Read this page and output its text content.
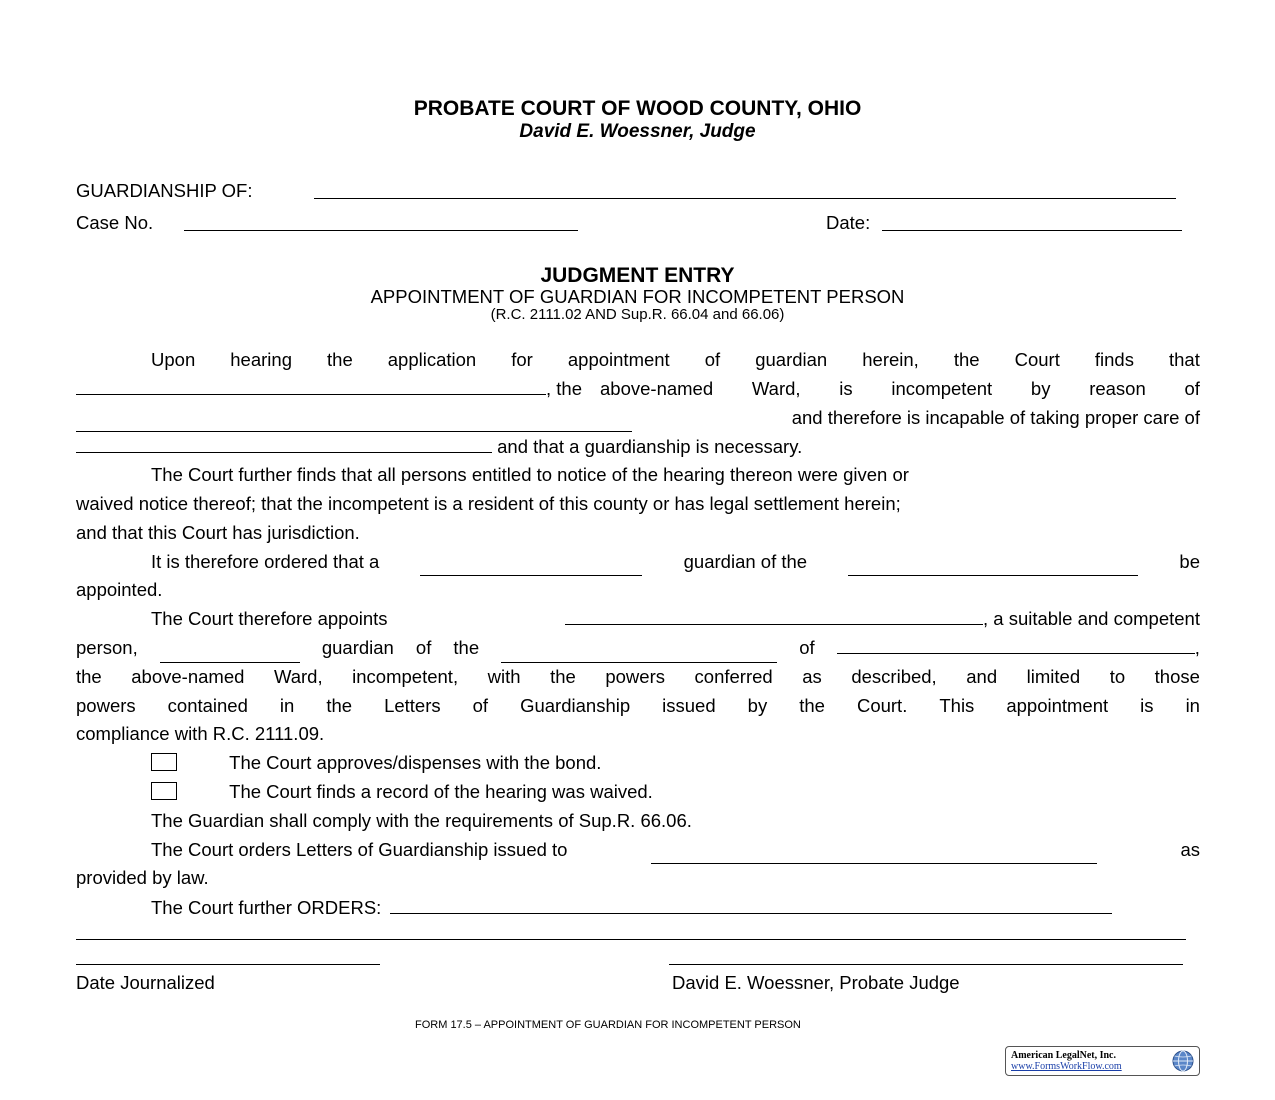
PROBATE COURT OF WOOD COUNTY, OHIO
David E. Woessner, Judge
GUARDIANSHIP OF:
Case No.	Date:
JUDGMENT ENTRY
APPOINTMENT OF GUARDIAN FOR INCOMPETENT PERSON
(R.C. 2111.02 AND Sup.R. 66.04 and 66.06)
Upon hearing the application for appointment of guardian herein, the Court finds that
, the above-named Ward, is incompetent by reason of
and therefore is incapable of taking proper care of
and that a guardianship is necessary.
The Court further finds that all persons entitled to notice of the hearing thereon were given or
waived notice thereof; that the incompetent is a resident of this county or has legal settlement herein;
and that this Court has jurisdiction.
It is therefore ordered that a	guardian of the	be
appointed.
The Court therefore appoints	, a suitable and competent
person,	guardian of the	of	,
the above-named Ward, incompetent, with the powers conferred as described, and limited to those
powers contained in the Letters of Guardianship issued by the Court. This appointment is in
compliance with R.C. 2111.09.
The Court approves/dispenses with the bond.
The Court finds a record of the hearing was waived.
The Guardian shall comply with the requirements of Sup.R. 66.06.
The Court orders Letters of Guardianship issued to	as
provided by law.
The Court further ORDERS:
Date Journalized	David E. Woessner, Probate Judge
FORM 17.5 – APPOINTMENT OF GUARDIAN FOR INCOMPETENT PERSON
American LegalNet, Inc.
www.FormsWorkFlow.com
